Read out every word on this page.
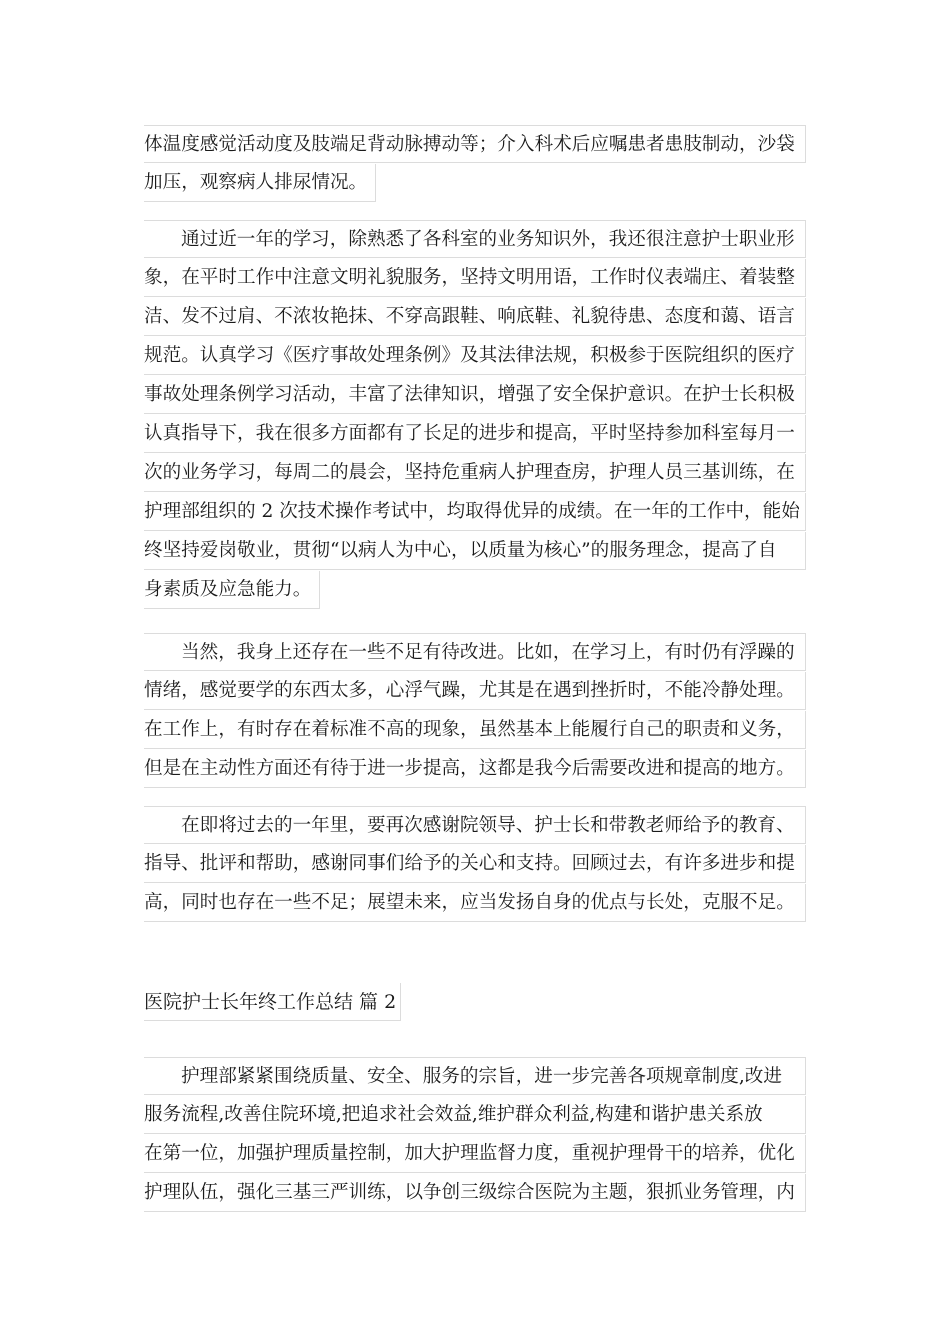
体温度感觉活动度及肢端足背动脉搏动等；介入科术后应嘱患者患肢制动，沙袋
加压，观察病人排尿情况。
通过近一年的学习，除熟悉了各科室的业务知识外，我还很注意护士职业形
象，在平时工作中注意文明礼貌服务，坚持文明用语，工作时仪表端庄、着装整
洁、发不过肩、不浓妆艳抹、不穿高跟鞋、响底鞋、礼貌待患、态度和蔼、语言
规范。认真学习《医疗事故处理条例》及其法律法规，积极参于医院组织的医疗
事故处理条例学习活动，丰富了法律知识，增强了安全保护意识。在护士长积极
认真指导下，我在很多方面都有了长足的进步和提高，平时坚持参加科室每月一
次的业务学习，每周二的晨会，坚持危重病人护理查房，护理人员三基训练，在
护理部组织的 2 次技术操作考试中，均取得优异的成绩。在一年的工作中，能始
终坚持爱岗敬业，贯彻“以病人为中心，以质量为核心”的服务理念，提高了自
身素质及应急能力。
当然，我身上还存在一些不足有待改进。比如，在学习上，有时仍有浮躁的
情绪，感觉要学的东西太多，心浮气躁，尤其是在遇到挫折时，不能冷静处理。
在工作上，有时存在着标准不高的现象，虽然基本上能履行自己的职责和义务，
但是在主动性方面还有待于进一步提高，这都是我今后需要改进和提高的地方。
在即将过去的一年里，要再次感谢院领导、护士长和带教老师给予的教育、
指导、批评和帮助，感谢同事们给予的关心和支持。回顾过去，有许多进步和提
高，同时也存在一些不足；展望未来，应当发扬自身的优点与长处，克服不足。
医院护士长年终工作总结 篇 2
护理部紧紧围绕质量、安全、服务的宗旨，进一步完善各项规章制度,改进
服务流程,改善住院环境,把追求社会效益,维护群众利益,构建和谐护患关系放
在第一位，加强护理质量控制，加大护理监督力度，重视护理骨干的培养，优化
护理队伍，强化三基三严训练，以争创三级综合医院为主题，狠抓业务管理，内
